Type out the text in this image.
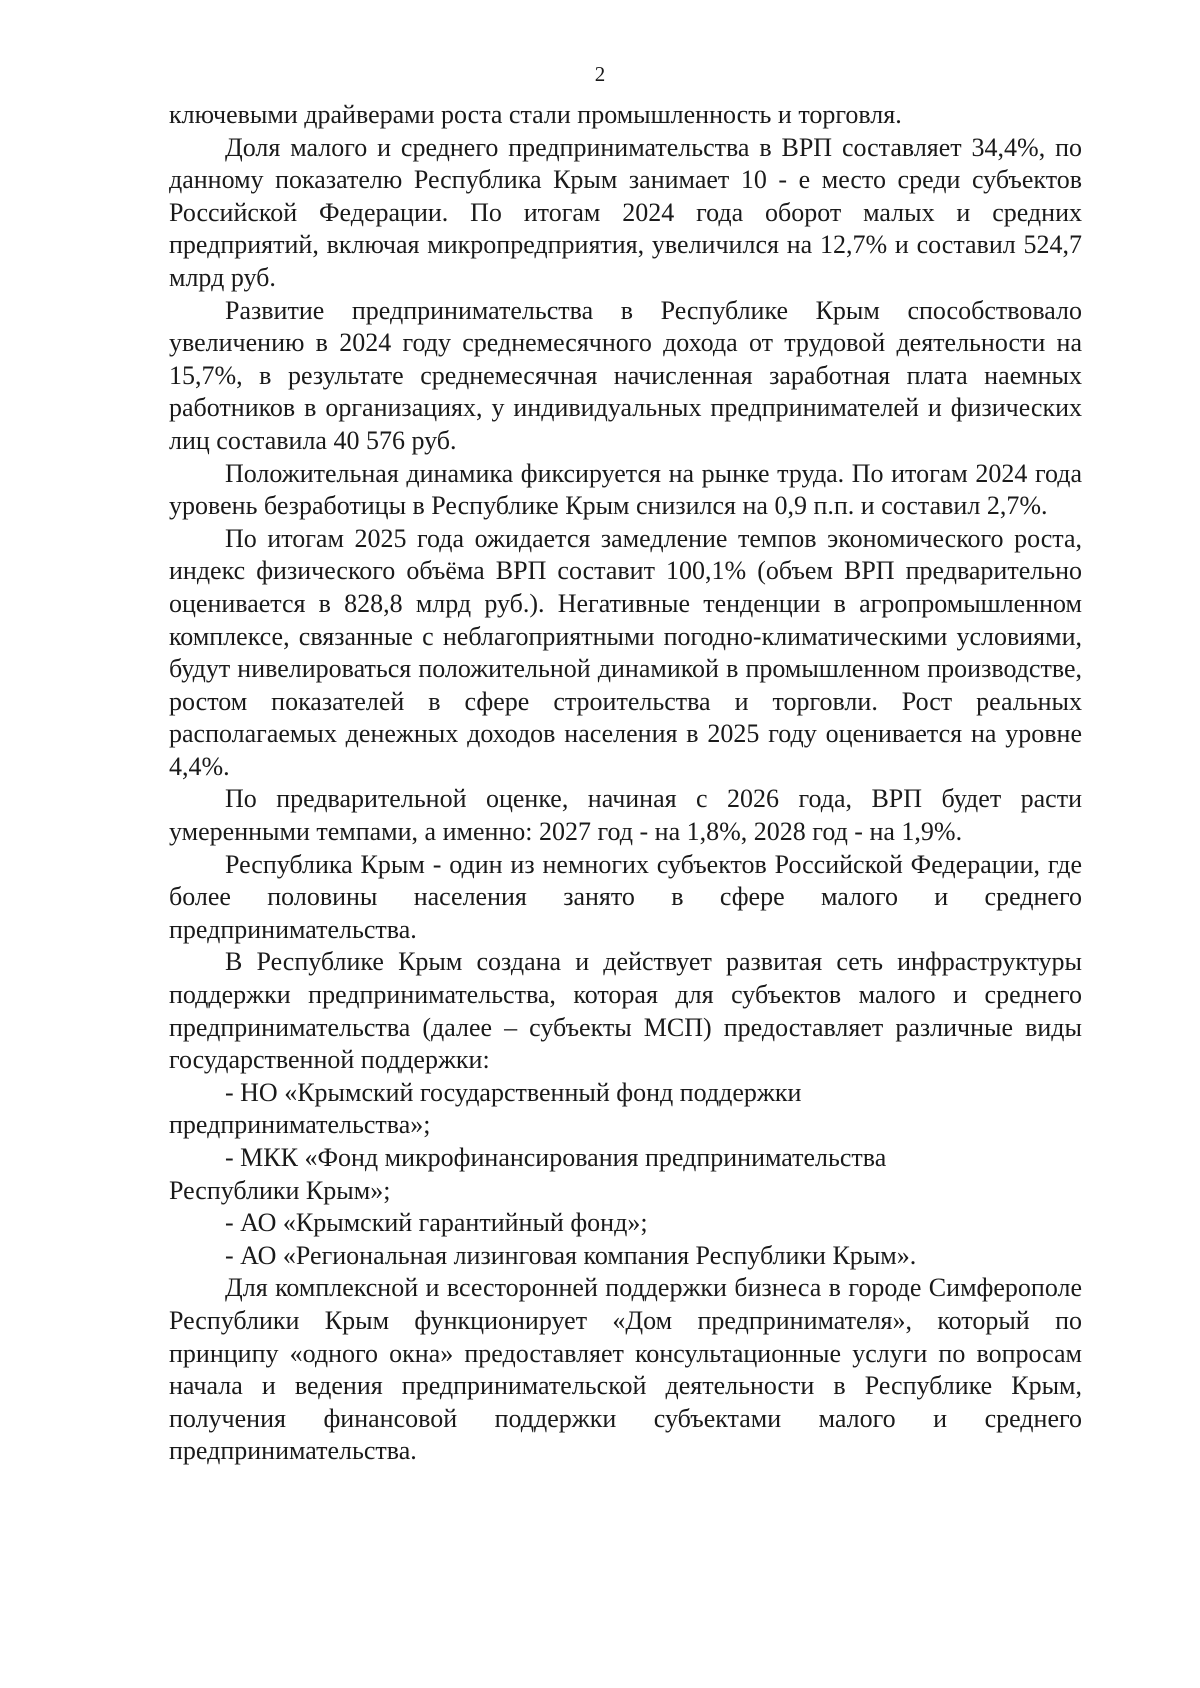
2

ключевыми драйверами роста стали промышленность и торговля.

Доля малого и среднего предпринимательства в ВРП составляет 34,4%, по данному показателю Республика Крым занимает 10 - е место среди субъектов Российской Федерации. По итогам 2024 года оборот малых и средних предприятий, включая микропредприятия, увеличился на 12,7% и составил 524,7 млрд руб.

Развитие предпринимательства в Республике Крым способствовало увеличению в 2024 году среднемесячного дохода от трудовой деятельности на 15,7%, в результате среднемесячная начисленная заработная плата наемных работников в организациях, у индивидуальных предпринимателей и физических лиц составила 40 576 руб.

Положительная динамика фиксируется на рынке труда. По итогам 2024 года уровень безработицы в Республике Крым снизился на 0,9 п.п. и составил 2,7%.

По итогам 2025 года ожидается замедление темпов экономического роста, индекс физического объёма ВРП составит 100,1% (объем ВРП предварительно оценивается в 828,8 млрд руб.). Негативные тенденции в агропромышленном комплексе, связанные с неблагоприятными погодно-климатическими условиями, будут нивелироваться положительной динамикой в промышленном производстве, ростом показателей в сфере строительства и торговли. Рост реальных располагаемых денежных доходов населения в 2025 году оценивается на уровне 4,4%.

По предварительной оценке, начиная с 2026 года, ВРП будет расти умеренными темпами, а именно: 2027 год - на 1,8%, 2028 год - на 1,9%.

Республика Крым - один из немногих субъектов Российской Федерации, где более половины населения занято в сфере малого и среднего предпринимательства.

В Республике Крым создана и действует развитая сеть инфраструктуры поддержки предпринимательства, которая для субъектов малого и среднего предпринимательства (далее – субъекты МСП) предоставляет различные виды государственной поддержки:

- НО «Крымский государственный фонд поддержки

предпринимательства»;

- МКК «Фонд микрофинансирования предпринимательства

Республики Крым»;

- АО «Крымский гарантийный фонд»;

- АО «Региональная лизинговая компания Республики Крым».

Для комплексной и всесторонней поддержки бизнеса в городе Симферополе Республики Крым функционирует «Дом предпринимателя», который по принципу «одного окна» предоставляет консультационные услуги по вопросам начала и ведения предпринимательской деятельности в Республике Крым, получения финансовой поддержки субъектами малого и среднего предпринимательства.
